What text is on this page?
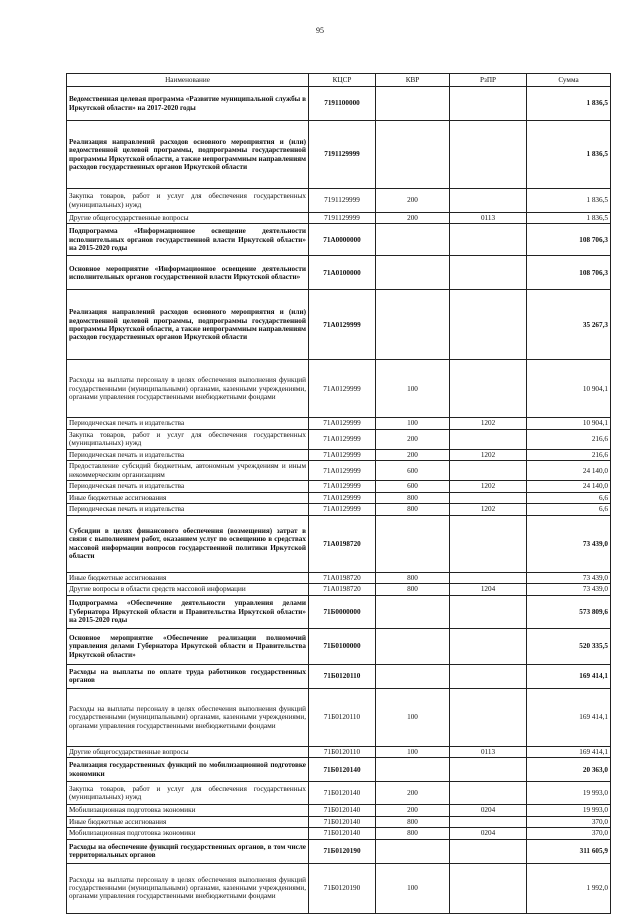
95
Наименование	КЦСР	КВР	РзПР	Сумма
Ведомственная целевая программа «Развитие муниципальной службы в Иркутской области» на 2017-2020 годы	7191100000			1 836,5
Реализация направлений расходов основного мероприятия и (или) ведомственной целевой программы, подпрограммы государственной программы Иркутской области, а также непрограммным направлениям расходов государственных органов Иркутской области	7191129999			1 836,5
Закупка товаров, работ и услуг для обеспечения государственных (муниципальных) нужд	7191129999	200		1 836,5
Другие общегосударственные вопросы	7191129999	200	0113	1 836,5
Подпрограмма «Информационное освещение деятельности исполнительных органов государственной власти Иркутской области» на 2015-2020 годы	71А0000000			108 706,3
Основное мероприятие «Информационное освещение деятельности исполнительных органов государственной власти Иркутской области»	71А0100000			108 706,3
Реализация направлений расходов основного мероприятия и (или) ведомственной целевой программы, подпрограммы государственной программы Иркутской области, а также непрограммным направлениям расходов государственных органов Иркутской области	71А0129999			35 267,3
Расходы на выплаты персоналу в целях обеспечения выполнения функций государственными (муниципальными) органами, казенными учреждениями, органами управления государственными внебюджетными фондами	71А0129999	100		10 904,1
Периодическая печать и издательства	71А0129999	100	1202	10 904,1
Закупка товаров, работ и услуг для обеспечения государственных (муниципальных) нужд	71А0129999	200		216,6
Периодическая печать и издательства	71А0129999	200	1202	216,6
Предоставление субсидий бюджетным, автономным учреждениям и иным некоммерческим организациям	71А0129999	600		24 140,0
Периодическая печать и издательства	71А0129999	600	1202	24 140,0
Иные бюджетные ассигнования	71А0129999	800		6,6
Периодическая печать и издательства	71А0129999	800	1202	6,6
Субсидии в целях финансового обеспечения (возмещения) затрат в связи с выполнением работ, оказанием услуг по освещению в средствах массовой информации вопросов государственной политики Иркутской области	71А0198720			73 439,0
Иные бюджетные ассигнования	71А0198720	800		73 439,0
Другие вопросы в области средств массовой информации	71А0198720	800	1204	73 439,0
Подпрограмма «Обеспечение деятельности управления делами Губернатора Иркутской области и Правительства Иркутской области» на 2015-2020 годы	71Б0000000			573 809,6
Основное мероприятие «Обеспечение реализации полномочий управления делами Губернатора Иркутской области и Правительства Иркутской области»	71Б0100000			520 335,5
Расходы на выплаты по оплате труда работников государственных органов	71Б0120110			169 414,1
Расходы на выплаты персоналу в целях обеспечения выполнения функций государственными (муниципальными) органами, казенными учреждениями, органами управления государственными внебюджетными фондами	71Б0120110	100		169 414,1
Другие общегосударственные вопросы	71Б0120110	100	0113	169 414,1
Реализация государственных функций по мобилизационной подготовке экономики	71Б0120140			20 363,0
Закупка товаров, работ и услуг для обеспечения государственных (муниципальных) нужд	71Б0120140	200		19 993,0
Мобилизационная подготовка экономики	71Б0120140	200	0204	19 993,0
Иные бюджетные ассигнования	71Б0120140	800		370,0
Мобилизационная подготовка экономики	71Б0120140	800	0204	370,0
Расходы на обеспечение функций государственных органов, в том числе территориальных органов	71Б0120190			311 605,9
Расходы на выплаты персоналу в целях обеспечения выполнения функций государственными (муниципальными) органами, казенными учреждениями, органами управления государственными внебюджетными фондами	71Б0120190	100		1 992,0
